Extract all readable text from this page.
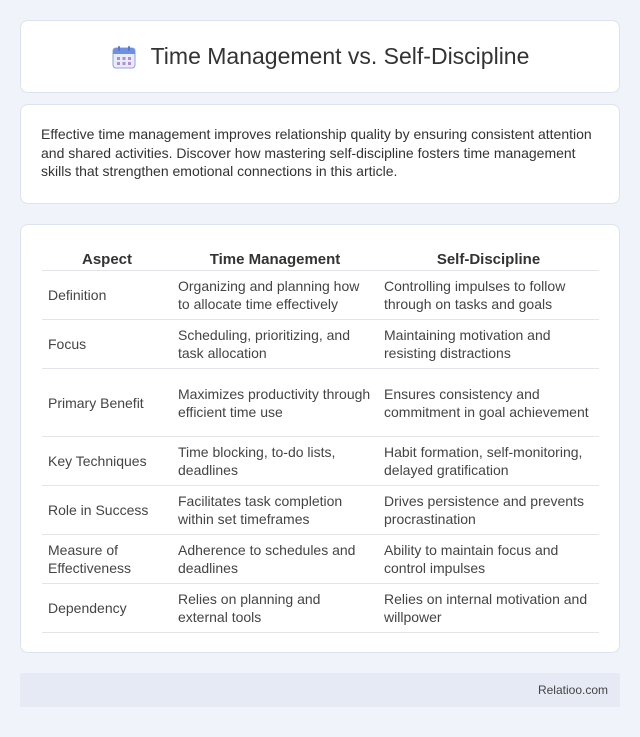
Time Management vs. Self-Discipline

Effective time management improves relationship quality by ensuring consistent attention and shared activities. Discover how mastering self-discipline fosters time management skills that strengthen emotional connections in this article.

Aspect	Time Management	Self-Discipline
Definition	Organizing and planning how to allocate time effectively	Controlling impulses to follow through on tasks and goals
Focus	Scheduling, prioritizing, and task allocation	Maintaining motivation and resisting distractions
Primary Benefit	Maximizes productivity through efficient time use	Ensures consistency and commitment in goal achievement
Key Techniques	Time blocking, to-do lists, deadlines	Habit formation, self-monitoring, delayed gratification
Role in Success	Facilitates task completion within set timeframes	Drives persistence and prevents procrastination
Measure of Effectiveness	Adherence to schedules and deadlines	Ability to maintain focus and control impulses
Dependency	Relies on planning and external tools	Relies on internal motivation and willpower
Relatioo.com
